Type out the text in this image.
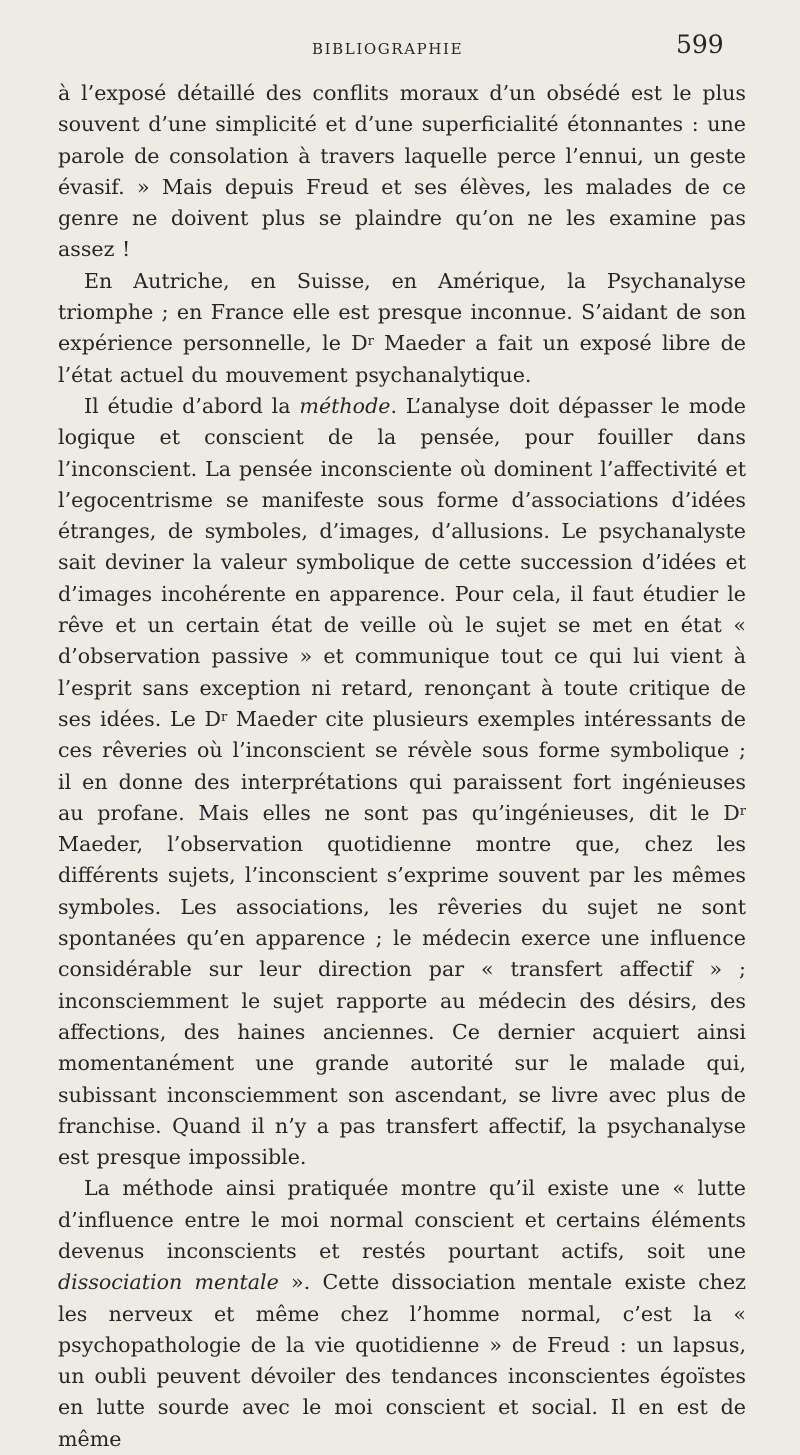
BIBLIOGRAPHIE	599

à l’exposé détaillé des conflits moraux d’un obsédé est le plus souvent d’une simplicité et d’une superficialité étonnantes : une parole de consolation à travers laquelle perce l’ennui, un geste évasif. » Mais depuis Freud et ses élèves, les malades de ce genre ne doivent plus se plaindre qu’on ne les examine pas assez !

En Autriche, en Suisse, en Amérique, la Psychanalyse triomphe ; en France elle est presque inconnue. S’aidant de son expérience personnelle, le $D^r$ Maeder a fait un exposé libre de l’état actuel du mouvement psychanalytique.

Il étudie d’abord la méthode. L’analyse doit dépasser le mode logique et conscient de la pensée, pour fouiller dans l’inconscient. La pensée inconsciente où dominent l’affectivité et l’egocentrisme se manifeste sous forme d’associations d’idées étranges, de symboles, d’images, d’allusions. Le psychanalyste sait deviner la valeur symbolique de cette succession d’idées et d’images incohérente en apparence. Pour cela, il faut étudier le rêve et un certain état de veille où le sujet se met en état « d’observation passive » et communique tout ce qui lui vient à l’esprit sans exception ni retard, renonçant à toute critique de ses idées. Le $D^r$ Maeder cite plusieurs exemples intéressants de ces rêveries où l’inconscient se révèle sous forme symbolique ; il en donne des interprétations qui paraissent fort ingénieuses au profane. Mais elles ne sont pas qu’ingénieuses, dit le $D^r$ Maeder, l’observation quotidienne montre que, chez les différents sujets, l’inconscient s’exprime souvent par les mêmes symboles. Les associations, les rêveries du sujet ne sont spontanées qu’en apparence ; le médecin exerce une influence considérable sur leur direction par « transfert affectif » ; inconsciemment le sujet rapporte au médecin des désirs, des affections, des haines anciennes. Ce dernier acquiert ainsi momentanément une grande autorité sur le malade qui, subissant inconsciemment son ascendant, se livre avec plus de franchise. Quand il n’y a pas transfert affectif, la psychanalyse est presque impossible.

La méthode ainsi pratiquée montre qu’il existe une « lutte d’influence entre le moi normal conscient et certains éléments devenus inconscients et restés pourtant actifs, soit une dissociation mentale ». Cette dissociation mentale existe chez les nerveux et même chez l’homme normal, c’est la « psychopathologie de la vie quotidienne » de Freud : un lapsus, un oubli peuvent dévoiler des tendances inconscientes égoïstes en lutte sourde avec le moi conscient et social. Il en est de même
